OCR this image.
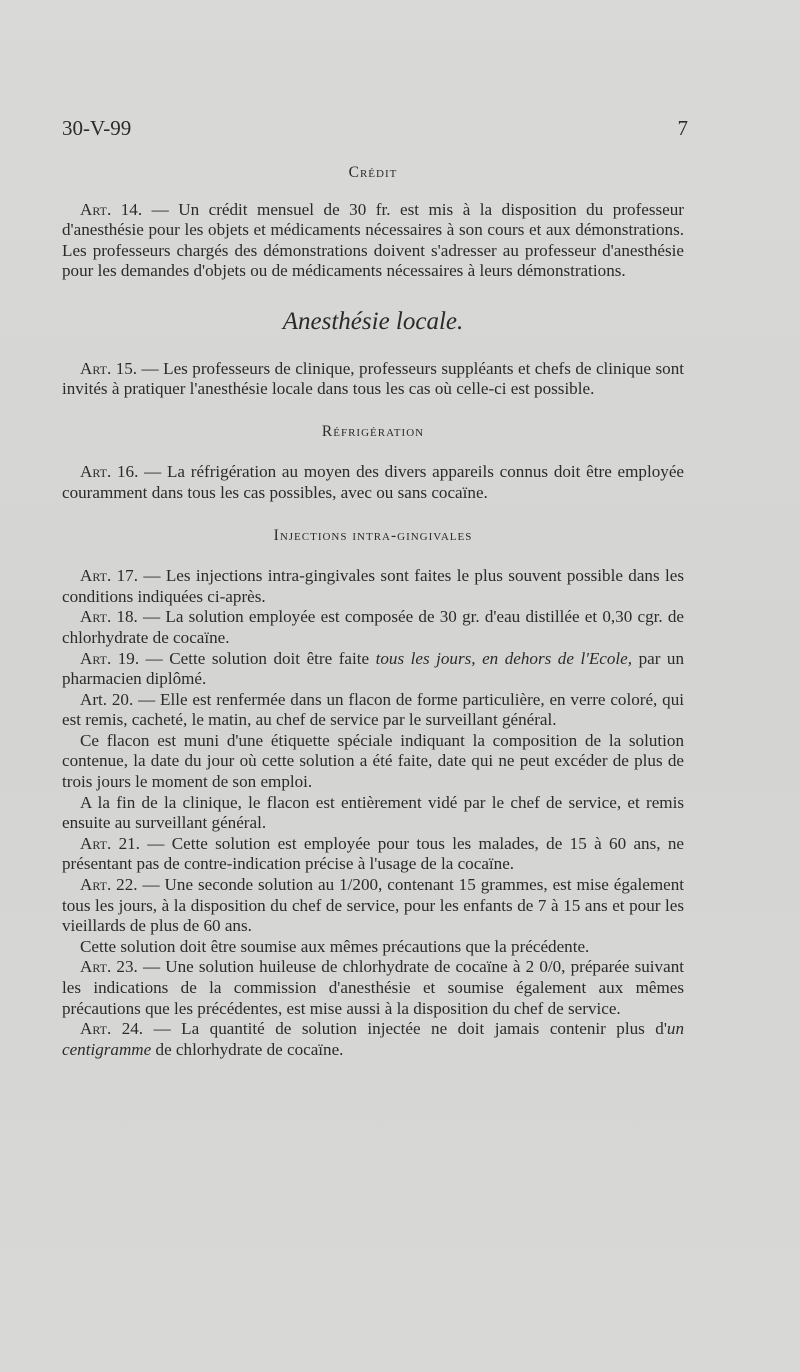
30-V-99	7
Crédit

Art. 14. — Un crédit mensuel de 30 fr. est mis à la disposition du professeur d'anesthésie pour les objets et médicaments nécessaires à son cours et aux démonstrations. Les professeurs chargés des démonstrations doivent s'adresser au professeur d'anesthésie pour les demandes d'objets ou de médicaments nécessaires à leurs démonstrations.

Anesthésie locale.

Art. 15. — Les professeurs de clinique, professeurs suppléants et chefs de clinique sont invités à pratiquer l'anesthésie locale dans tous les cas où celle-ci est possible.

Réfrigération

Art. 16. — La réfrigération au moyen des divers appareils connus doit être employée couramment dans tous les cas possibles, avec ou sans cocaïne.

Injections intra-gingivales

Art. 17. — Les injections intra-gingivales sont faites le plus souvent possible dans les conditions indiquées ci-après.

Art. 18. — La solution employée est composée de 30 gr. d'eau distillée et 0,30 cgr. de chlorhydrate de cocaïne.

Art. 19. — Cette solution doit être faite tous les jours, en dehors de l'Ecole, par un pharmacien diplômé.

Art. 20. — Elle est renfermée dans un flacon de forme particulière, en verre coloré, qui est remis, cacheté, le matin, au chef de service par le surveillant général.

Ce flacon est muni d'une étiquette spéciale indiquant la composition de la solution contenue, la date du jour où cette solution a été faite, date qui ne peut excéder de plus de trois jours le moment de son emploi.

A la fin de la clinique, le flacon est entièrement vidé par le chef de service, et remis ensuite au surveillant général.

Art. 21. — Cette solution est employée pour tous les malades, de 15 à 60 ans, ne présentant pas de contre-indication précise à l'usage de la cocaïne.

Art. 22. — Une seconde solution au 1/200, contenant 15 grammes, est mise également tous les jours, à la disposition du chef de service, pour les enfants de 7 à 15 ans et pour les vieillards de plus de 60 ans.

Cette solution doit être soumise aux mêmes précautions que la précédente.

Art. 23. — Une solution huileuse de chlorhydrate de cocaïne à 2 0/0, préparée suivant les indications de la commission d'anesthésie et soumise également aux mêmes précautions que les précédentes, est mise aussi à la disposition du chef de service.

Art. 24. — La quantité de solution injectée ne doit jamais contenir plus d'un centigramme de chlorhydrate de cocaïne.
